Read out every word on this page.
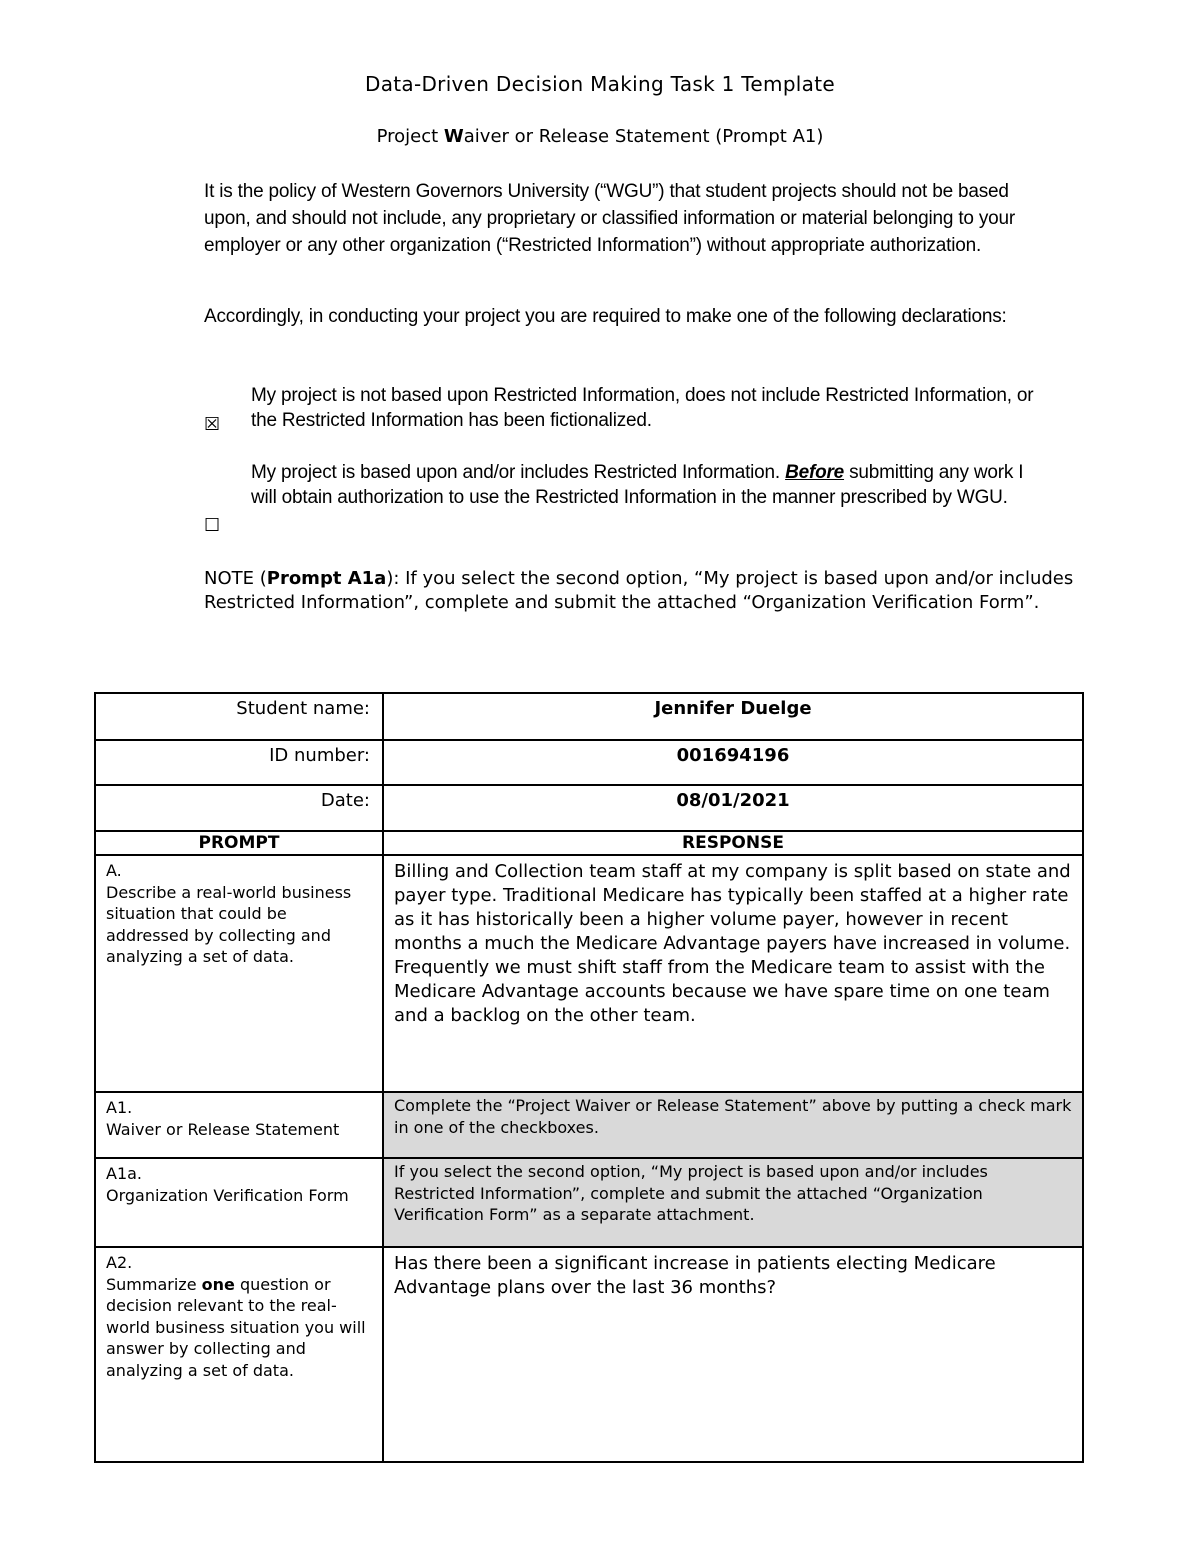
Data-Driven Decision Making Task 1 Template
Project Waiver or Release Statement (Prompt A1)
It is the policy of Western Governors University (“WGU”) that student projects should not be based upon, and should not include, any proprietary or classified information or material belonging to your employer or any other organization (“Restricted Information”) without appropriate authorization.
Accordingly, in conducting your project you are required to make one of the following declarations:
☒
My project is not based upon Restricted Information, does not include Restricted Information, or the Restricted Information has been fictionalized.
☐
My project is based upon and/or includes Restricted Information. Before submitting any work I will obtain authorization to use the Restricted Information in the manner prescribed by WGU.
NOTE (Prompt A1a): If you select the second option, “My project is based upon and/or includes Restricted Information”, complete and submit the attached “Organization Verification Form”.
Student name:	Jennifer Duelge
ID number:	001694196
Date:	08/01/2021
PROMPT	RESPONSE

A.
Describe a real-world business situation that could be addressed by collecting and analyzing a set of data.	Billing and Collection team staff at my company is split based on state and payer type. Traditional Medicare has typically been staffed at a higher rate as it has historically been a higher volume payer, however in recent months a much the Medicare Advantage payers have increased in volume. Frequently we must shift staff from the Medicare team to assist with the Medicare Advantage accounts because we have spare time on one team and a backlog on the other team.

A1.
Waiver or Release Statement	Complete the “Project Waiver or Release Statement” above by putting a check mark in one of the checkboxes.

A1a.
Organization Verification Form	If you select the second option, “My project is based upon and/or includes Restricted Information”, complete and submit the attached “Organization Verification Form” as a separate attachment.

A2.
Summarize one question or decision relevant to the real-world business situation you will answer by collecting and analyzing a set of data.	Has there been a significant increase in patients electing Medicare Advantage plans over the last 36 months?
